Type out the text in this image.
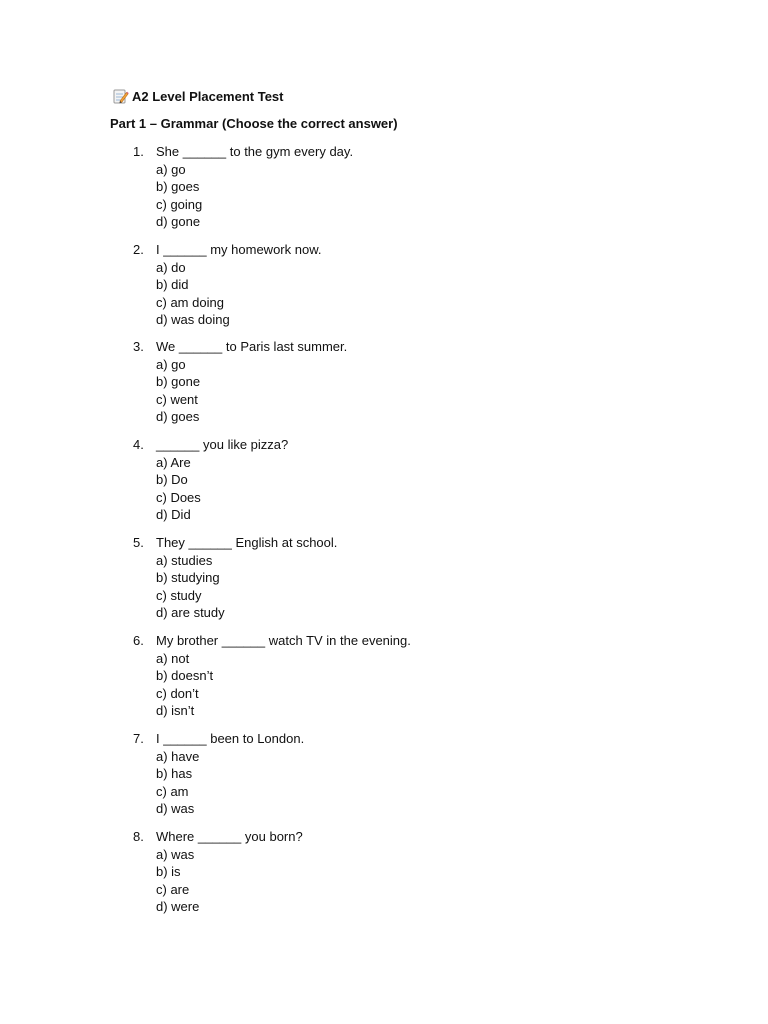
A2 Level Placement Test
Part 1 – Grammar (Choose the correct answer)
1. She ______ to the gym every day.
a) go
b) goes
c) going
d) gone
2. I ______ my homework now.
a) do
b) did
c) am doing
d) was doing
3. We ______ to Paris last summer.
a) go
b) gone
c) went
d) goes
4. ______ you like pizza?
a) Are
b) Do
c) Does
d) Did
5. They ______ English at school.
a) studies
b) studying
c) study
d) are study
6. My brother ______ watch TV in the evening.
a) not
b) doesn’t
c) don’t
d) isn’t
7. I ______ been to London.
a) have
b) has
c) am
d) was
8. Where ______ you born?
a) was
b) is
c) are
d) were
